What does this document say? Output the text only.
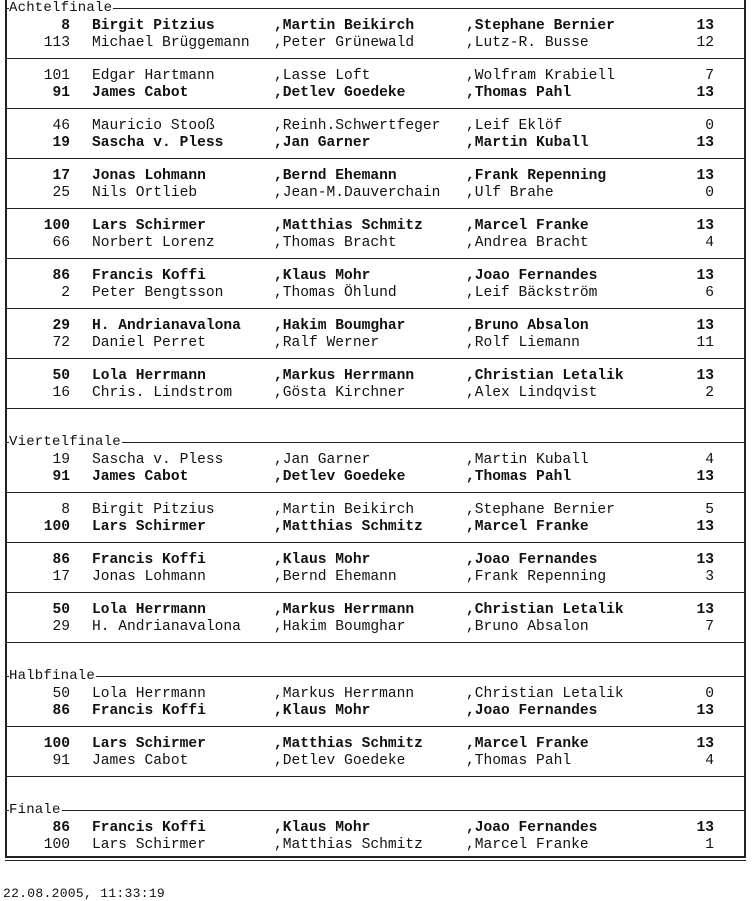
Achtelfinale
8 Birgit Pitzius	,Martin Beikirch	,Stephane Bernier	13
113 Michael Brüggemann ,Peter Grünewald	,Lutz-R. Busse	12
101 Edgar Hartmann	,Lasse Loft	,Wolfram Krabiell	7
91 James Cabot	,Detlev Goedeke	,Thomas Pahl	13
46 Mauricio Stooß	,Reinh.Schwertfeger ,Leif Eklöf	0
19 Sascha v. Pless	,Jan Garner	,Martin Kuball	13
17 Jonas Lohmann	,Bernd Ehemann	,Frank Repenning	13
25 Nils Ortlieb	,Jean-M.Dauverchain ,Ulf Brahe	0
100 Lars Schirmer	,Matthias Schmitz	,Marcel Franke	13
66 Norbert Lorenz	,Thomas Bracht	,Andrea Bracht	4
86 Francis Koffi	,Klaus Mohr	,Joao Fernandes	13
2 Peter Bengtsson	,Thomas Öhlund	,Leif Bäckström	6
29 H. Andrianavalona ,Hakim Boumghar	,Bruno Absalon	13
72 Daniel Perret	,Ralf Werner	,Rolf Liemann	11
50 Lola Herrmann	,Markus Herrmann	,Christian Letalik	13
16 Chris. Lindstrom	,Gösta Kirchner	,Alex Lindqvist	2
Viertelfinale
19 Sascha v. Pless	,Jan Garner	,Martin Kuball	4
91 James Cabot	,Detlev Goedeke	,Thomas Pahl	13
8 Birgit Pitzius	,Martin Beikirch	,Stephane Bernier	5
100 Lars Schirmer	,Matthias Schmitz	,Marcel Franke	13
86 Francis Koffi	,Klaus Mohr	,Joao Fernandes	13
17 Jonas Lohmann	,Bernd Ehemann	,Frank Repenning	3
50 Lola Herrmann	,Markus Herrmann	,Christian Letalik	13
29 H. Andrianavalona ,Hakim Boumghar	,Bruno Absalon	7
Halbfinale
50 Lola Herrmann	,Markus Herrmann	,Christian Letalik	0
86 Francis Koffi	,Klaus Mohr	,Joao Fernandes	13
100 Lars Schirmer	,Matthias Schmitz	,Marcel Franke	13
91 James Cabot	,Detlev Goedeke	,Thomas Pahl	4
Finale
86 Francis Koffi	,Klaus Mohr	,Joao Fernandes	13
100 Lars Schirmer	,Matthias Schmitz	,Marcel Franke	1
22.08.2005, 11:33:19
